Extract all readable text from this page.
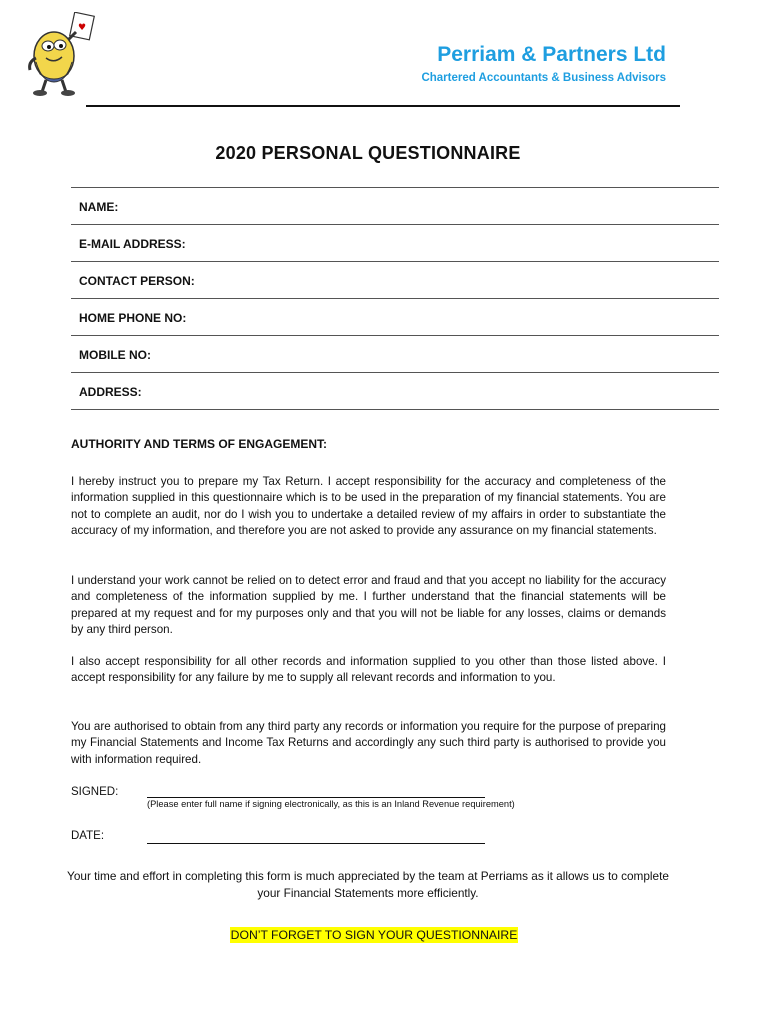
♥
Perriam & Partners Ltd
Chartered Accountants & Business Advisors
2020 PERSONAL QUESTIONNAIRE
NAME:
E-MAIL ADDRESS:
CONTACT PERSON:
HOME PHONE NO:
MOBILE NO:
ADDRESS:
AUTHORITY AND TERMS OF ENGAGEMENT:
I hereby instruct you to prepare my Tax Return. I accept responsibility for the accuracy and completeness of the information supplied in this questionnaire which is to be used in the preparation of my financial statements. You are not to complete an audit, nor do I wish you to undertake a detailed review of my affairs in order to substantiate the accuracy of my information, and therefore you are not asked to provide any assurance on my financial statements.
I understand your work cannot be relied on to detect error and fraud and that you accept no liability for the accuracy and completeness of the information supplied by me. I further understand that the financial statements will be prepared at my request and for my purposes only and that you will not be liable for any losses, claims or demands by any third person.
I also accept responsibility for all other records and information supplied to you other than those listed above. I accept responsibility for any failure by me to supply all relevant records and information to you.
You are authorised to obtain from any third party any records or information you require for the purpose of preparing my Financial Statements and Income Tax Returns and accordingly any such third party is authorised to provide you with information required.
SIGNED:
(Please enter full name if signing electronically, as this is an Inland Revenue requirement)
DATE:
Your time and effort in completing this form is much appreciated by the team at Perriams as it allows us to complete your Financial Statements more efficiently.
DON’T FORGET TO SIGN YOUR QUESTIONNAIRE
